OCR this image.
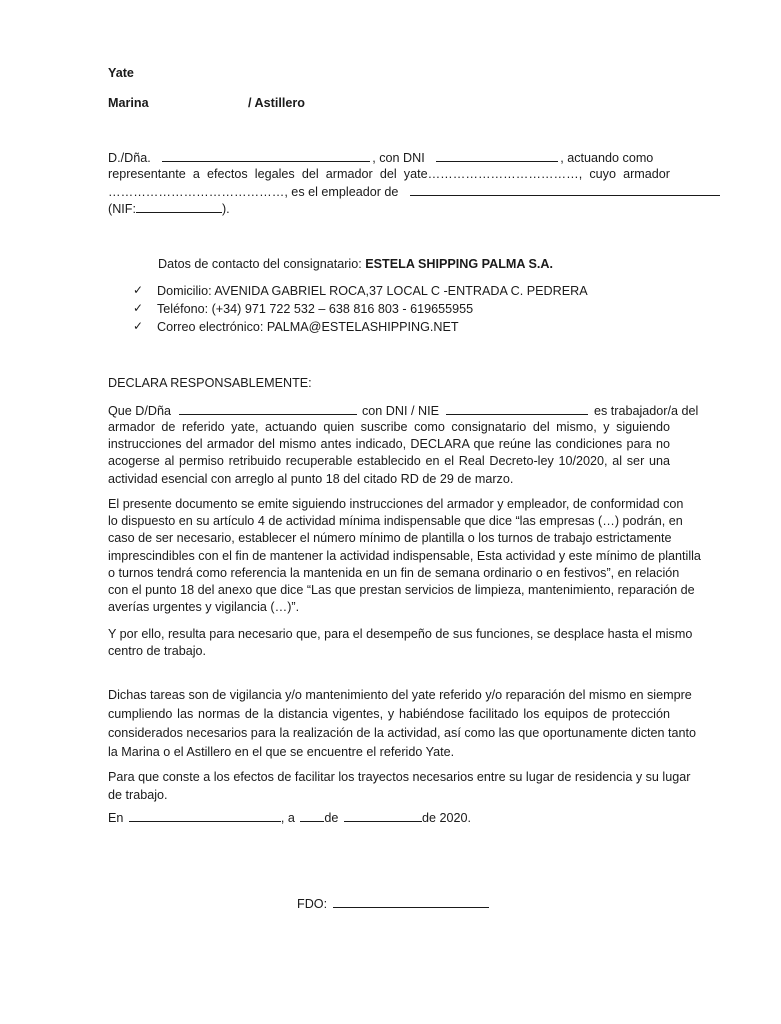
Yate
Marina	/ Astillero
D./Dña.	, con DNI	, actuando como
representante a efectos legales del armador del yate………………………………, cuyo armador
……………………………………, es el empleador de
(NIF:	).
Datos de contacto del consignatario: ESTELA SHIPPING PALMA S.A.
✓ Domicilio: AVENIDA GABRIEL ROCA,37 LOCAL C -ENTRADA C. PEDRERA
✓ Teléfono: (+34) 971 722 532 – 638 816 803 - 619655955
✓ Correo electrónico: PALMA@ESTELASHIPPING.NET
DECLARA RESPONSABLEMENTE:
Que D/Dña	con DNI / NIE	es trabajador/a del
armador de referido yate, actuando quien suscribe como consignatario del mismo, y siguiendo
instrucciones del armador del mismo antes indicado, DECLARA que reúne las condiciones para no
acogerse al permiso retribuido recuperable establecido en el Real Decreto-ley 10/2020, al ser una
actividad esencial con arreglo al punto 18 del citado RD de 29 de marzo.
El presente documento se emite siguiendo instrucciones del armador y empleador, de conformidad con
lo dispuesto en su artículo 4 de actividad mínima indispensable que dice “las empresas (…) podrán, en
caso de ser necesario, establecer el número mínimo de plantilla o los turnos de trabajo estrictamente
imprescindibles con el fin de mantener la actividad indispensable, Esta actividad y este mínimo de plantilla
o turnos tendrá como referencia la mantenida en un fin de semana ordinario o en festivos”, en relación
con el punto 18 del anexo que dice “Las que prestan servicios de limpieza, mantenimiento, reparación de
averías urgentes y vigilancia (…)”.
Y por ello, resulta para necesario que, para el desempeño de sus funciones, se desplace hasta el mismo
centro de trabajo.
Dichas tareas son de vigilancia y/o mantenimiento del yate referido y/o reparación del mismo en siempre
cumpliendo las normas de la distancia vigentes, y habiéndose facilitado los equipos de protección
considerados necesarios para la realización de la actividad, así como las que oportunamente dicten tanto
la Marina o el Astillero en el que se encuentre el referido Yate.
Para que conste a los efectos de facilitar los trayectos necesarios entre su lugar de residencia y su lugar
de trabajo.
En	, a de	de 2020.
FDO:
